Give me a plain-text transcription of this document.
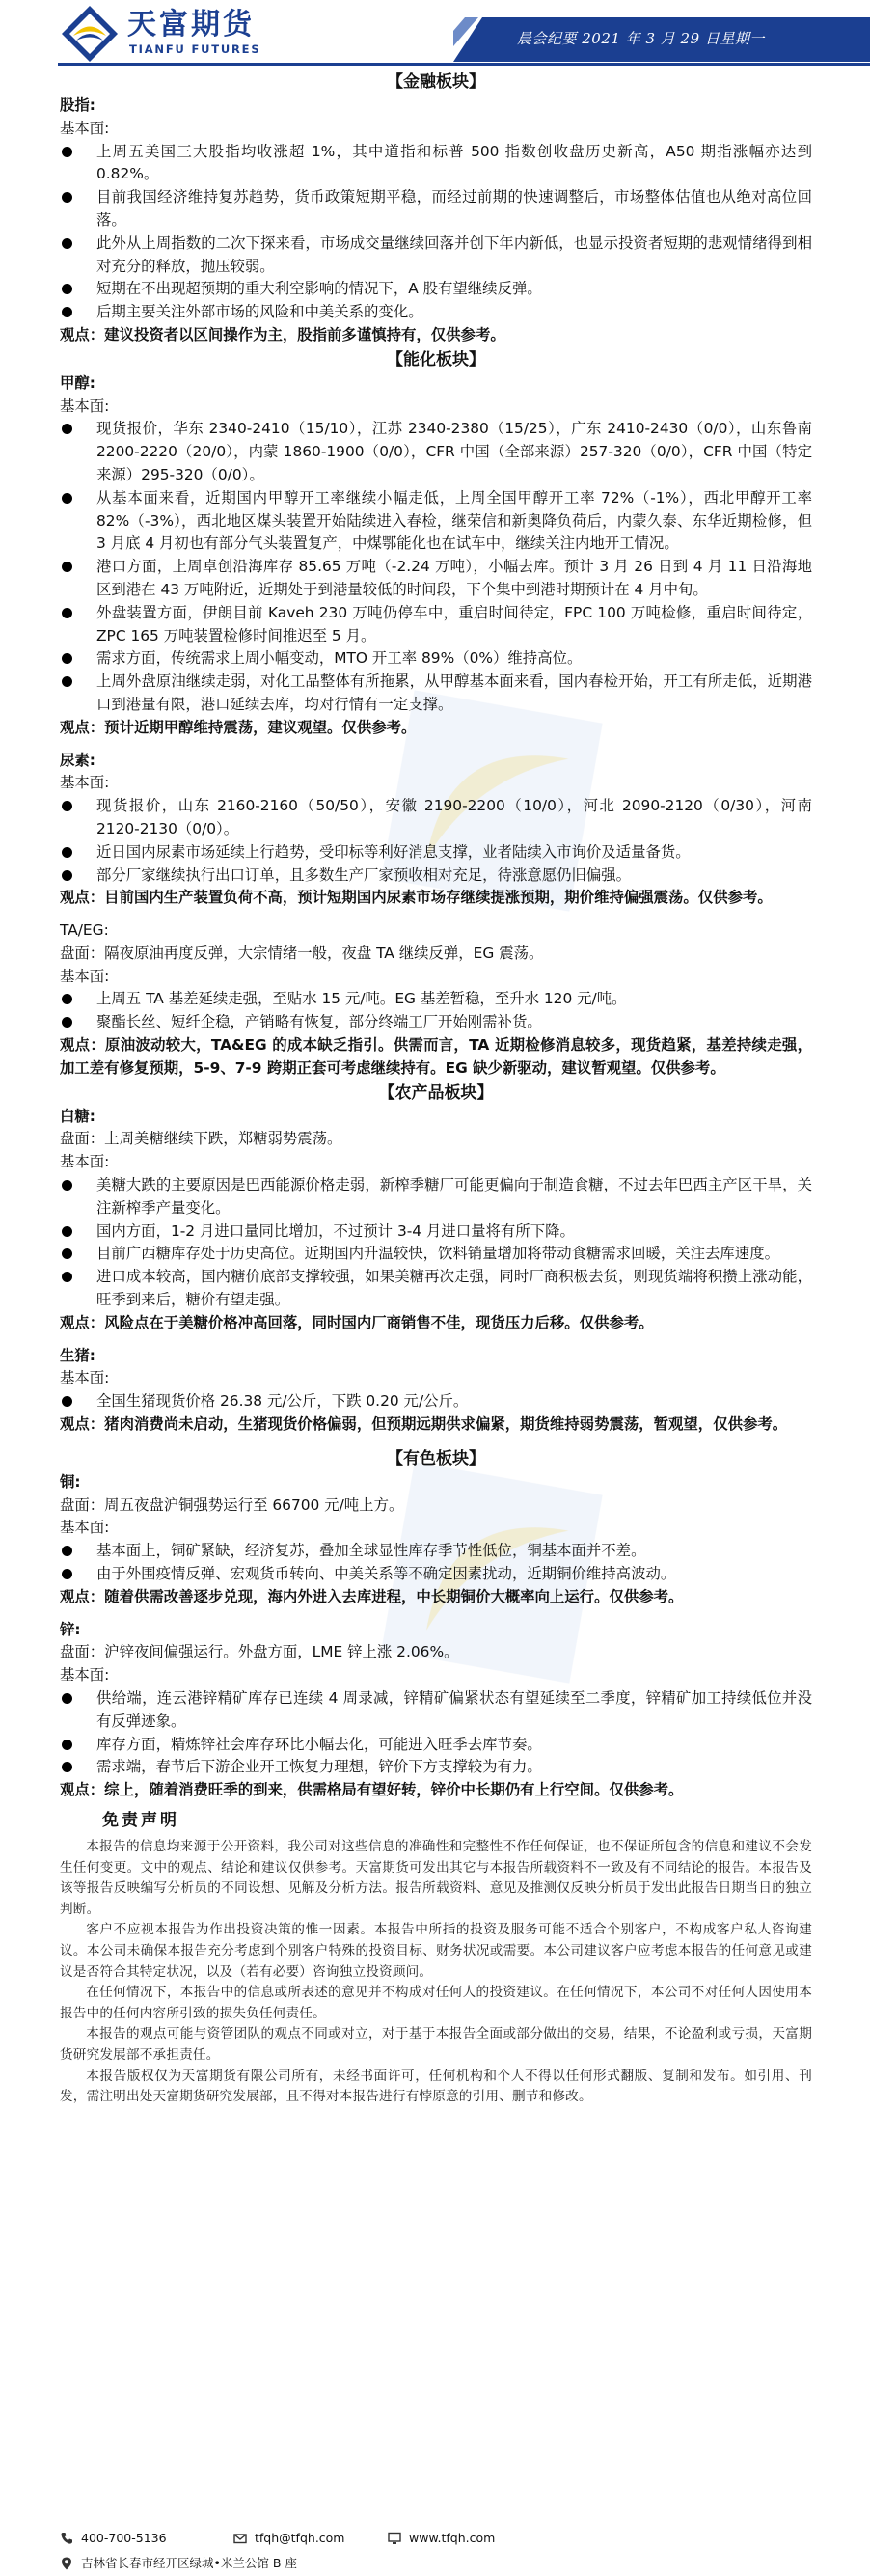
天富期货
TIANFU FUTURES
晨会纪要 2021 年 3 月 29 日星期一

【金融板块】

股指:

基本面:

上周五美国三大股指均收涨超 1%，其中道指和标普 500 指数创收盘历史新高，A50 期指涨幅亦达到 0.82%。
目前我国经济维持复苏趋势，货币政策短期平稳，而经过前期的快速调整后，市场整体估值也从绝对高位回落。
此外从上周指数的二次下探来看，市场成交量继续回落并创下年内新低，也显示投资者短期的悲观情绪得到相对充分的释放，抛压较弱。
短期在不出现超预期的重大利空影响的情况下，A 股有望继续反弹。
后期主要关注外部市场的风险和中美关系的变化。

观点：建议投资者以区间操作为主，股指前多谨慎持有，仅供参考。

【能化板块】

甲醇:

基本面:

现货报价，华东 2340-2410（15/10），江苏 2340-2380（15/25），广东 2410-2430（0/0），山东鲁南 2200-2220（20/0），内蒙 1860-1900（0/0），CFR 中国（全部来源）257-320（0/0），CFR 中国（特定来源）295-320（0/0）。
从基本面来看，近期国内甲醇开工率继续小幅走低，上周全国甲醇开工率 72%（-1%），西北甲醇开工率 82%（-3%），西北地区煤头装置开始陆续进入春检，继荣信和新奥降负荷后，内蒙久泰、东华近期检修，但 3 月底 4 月初也有部分气头装置复产，中煤鄂能化也在试车中，继续关注内地开工情况。
港口方面，上周卓创沿海库存 85.65 万吨（-2.24 万吨），小幅去库。预计 3 月 26 日到 4 月 11 日沿海地区到港在 43 万吨附近，近期处于到港量较低的时间段，下个集中到港时期预计在 4 月中旬。
外盘装置方面，伊朗目前 Kaveh 230 万吨仍停车中，重启时间待定，FPC 100 万吨检修，重启时间待定，ZPC 165 万吨装置检修时间推迟至 5 月。
需求方面，传统需求上周小幅变动，MTO 开工率 89%（0%）维持高位。
上周外盘原油继续走弱，对化工品整体有所拖累，从甲醇基本面来看，国内春检开始，开工有所走低，近期港口到港量有限，港口延续去库，均对行情有一定支撑。

观点：预计近期甲醇维持震荡，建议观望。仅供参考。

尿素:

基本面:

现货报价，山东 2160-2160（50/50），安徽 2190-2200（10/0），河北 2090-2120（0/30），河南 2120-2130（0/0）。
近日国内尿素市场延续上行趋势，受印标等利好消息支撑，业者陆续入市询价及适量备货。
部分厂家继续执行出口订单，且多数生产厂家预收相对充足，待涨意愿仍旧偏强。

观点：目前国内生产装置负荷不高，预计短期国内尿素市场存继续提涨预期，期价维持偏强震荡。仅供参考。

TA/EG:

盘面：隔夜原油再度反弹，大宗情绪一般，夜盘 TA 继续反弹，EG 震荡。

基本面:

上周五 TA 基差延续走强，至贴水 15 元/吨。EG 基差暂稳，至升水 120 元/吨。
聚酯长丝、短纤企稳，产销略有恢复，部分终端工厂开始刚需补货。

观点：原油波动较大，TA&EG 的成本缺乏指引。供需而言，TA 近期检修消息较多，现货趋紧，基差持续走强，加工差有修复预期，5-9、7-9 跨期正套可考虑继续持有。EG 缺少新驱动，建议暂观望。仅供参考。

【农产品板块】

白糖:

盘面：上周美糖继续下跌，郑糖弱势震荡。

基本面:

美糖大跌的主要原因是巴西能源价格走弱，新榨季糖厂可能更偏向于制造食糖，不过去年巴西主产区干旱，关注新榨季产量变化。
国内方面，1-2 月进口量同比增加，不过预计 3-4 月进口量将有所下降。
目前广西糖库存处于历史高位。近期国内升温较快，饮料销量增加将带动食糖需求回暖，关注去库速度。
进口成本较高，国内糖价底部支撑较强，如果美糖再次走强，同时厂商积极去货，则现货端将积攒上涨动能，旺季到来后，糖价有望走强。

观点：风险点在于美糖价格冲高回落，同时国内厂商销售不佳，现货压力后移。仅供参考。

生猪:

基本面:

全国生猪现货价格 26.38 元/公斤，下跌 0.20 元/公斤。

观点：猪肉消费尚未启动，生猪现货价格偏弱，但预期远期供求偏紧，期货维持弱势震荡，暂观望，仅供参考。

【有色板块】

铜:

盘面：周五夜盘沪铜强势运行至 66700 元/吨上方。

基本面:

基本面上，铜矿紧缺，经济复苏，叠加全球显性库存季节性低位，铜基本面并不差。
由于外围疫情反弹、宏观货币转向、中美关系等不确定因素扰动，近期铜价维持高波动。

观点：随着供需改善逐步兑现，海内外进入去库进程，中长期铜价大概率向上运行。仅供参考。

锌:

盘面：沪锌夜间偏强运行。外盘方面，LME 锌上涨 2.06%。

基本面:

供给端，连云港锌精矿库存已连续 4 周录减，锌精矿偏紧状态有望延续至二季度，锌精矿加工持续低位并没有反弹迹象。
库存方面，精炼锌社会库存环比小幅去化，可能进入旺季去库节奏。
需求端，春节后下游企业开工恢复力理想，锌价下方支撑较为有力。

观点：综上，随着消费旺季的到来，供需格局有望好转，锌价中长期仍有上行空间。仅供参考。

免责声明

本报告的信息均来源于公开资料，我公司对这些信息的准确性和完整性不作任何保证，也不保证所包含的信息和建议不会发生任何变更。文中的观点、结论和建议仅供参考。天富期货可发出其它与本报告所载资料不一致及有不同结论的报告。本报告及该等报告反映编写分析员的不同设想、见解及分析方法。报告所载资料、意见及推测仅反映分析员于发出此报告日期当日的独立判断。

客户不应视本报告为作出投资决策的惟一因素。本报告中所指的投资及服务可能不适合个别客户，不构成客户私人咨询建议。本公司未确保本报告充分考虑到个别客户特殊的投资目标、财务状况或需要。本公司建议客户应考虑本报告的任何意见或建议是否符合其特定状况，以及（若有必要）咨询独立投资顾问。

在任何情况下，本报告中的信息或所表述的意见并不构成对任何人的投资建议。在任何情况下，本公司不对任何人因使用本报告中的任何内容所引致的损失负任何责任。

本报告的观点可能与资管团队的观点不同或对立，对于基于本报告全面或部分做出的交易，结果，不论盈利或亏损，天富期货研究发展部不承担责任。

本报告版权仅为天富期货有限公司所有，未经书面许可，任何机构和个人不得以任何形式翻版、复制和发布。如引用、刊发，需注明出处天富期货研究发展部，且不得对本报告进行有悖原意的引用、删节和修改。

400-700-5136	tfqh@tfqh.com	www.tfqh.com
吉林省长春市经开区绿城•米兰公馆 B 座
